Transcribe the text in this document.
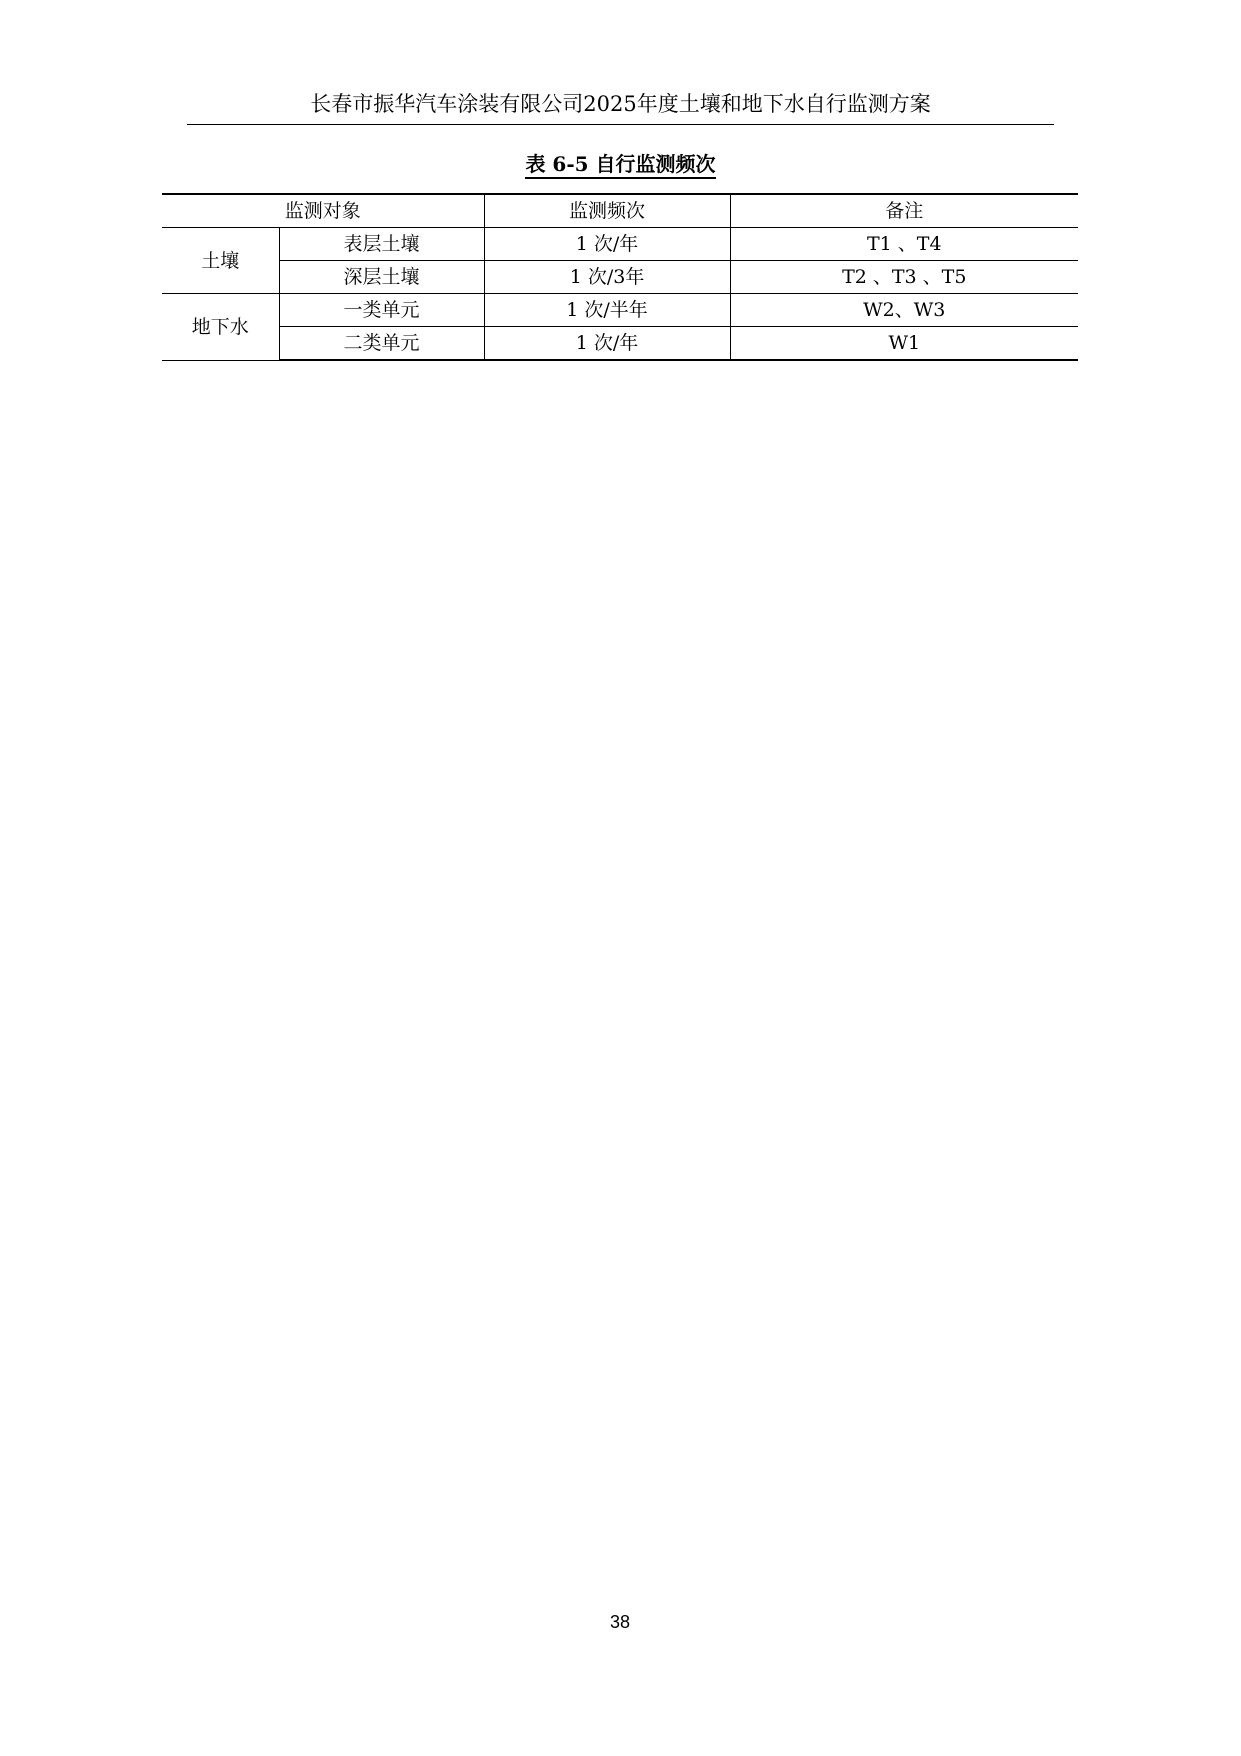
长春市振华汽车涂装有限公司2025年度土壤和地下水自行监测方案
表 6-5 自行监测频次
监测对象		监测频次	备注
土壤	表层土壤	1 次/年	T1 、T4
	深层土壤	1 次/3年	T2 、T3 、T5
地下水	一类单元	1 次/半年	W2、W3
	二类单元	1 次/年	W1
38
